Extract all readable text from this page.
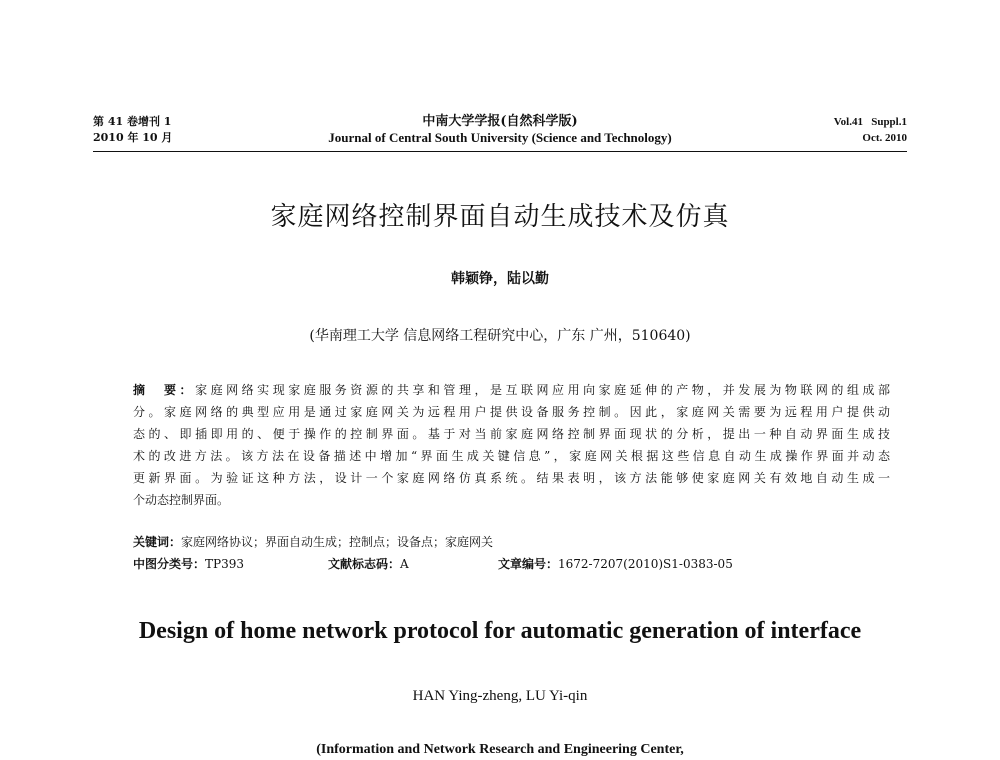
第 41 卷增刊 1
2010 年 10 月
中南大学学报(自然科学版)
Journal of Central South University (Science and Technology)
Vol.41   Suppl.1
Oct. 2010
家庭网络控制界面自动生成技术及仿真
韩颖铮，陆以勤
(华南理工大学 信息网络工程研究中心，广东 广州，510640)
摘　要：家庭网络实现家庭服务资源的共享和管理，是互联网应用向家庭延伸的产物，并发展为物联网的组成部
分。家庭网络的典型应用是通过家庭网关为远程用户提供设备服务控制。因此，家庭网关需要为远程用户提供动
态的、即插即用的、便于操作的控制界面。基于对当前家庭网络控制界面现状的分析，提出一种自动界面生成技
术的改进方法。该方法在设备描述中增加“界面生成关键信息”，家庭网关根据这些信息自动生成操作界面并动态
更新界面。为验证这种方法，设计一个家庭网络仿真系统。结果表明，该方法能够使家庭网关有效地自动生成一
个动态控制界面。
关键词：家庭网络协议；界面自动生成；控制点；设备点；家庭网关
中图分类号：TP393	文献标志码：A	文章编号：1672-7207(2010)S1-0383-05
Design of home network protocol for automatic generation of interface
HAN Ying-zheng, LU Yi-qin
(Information and Network Research and Engineering Center,
